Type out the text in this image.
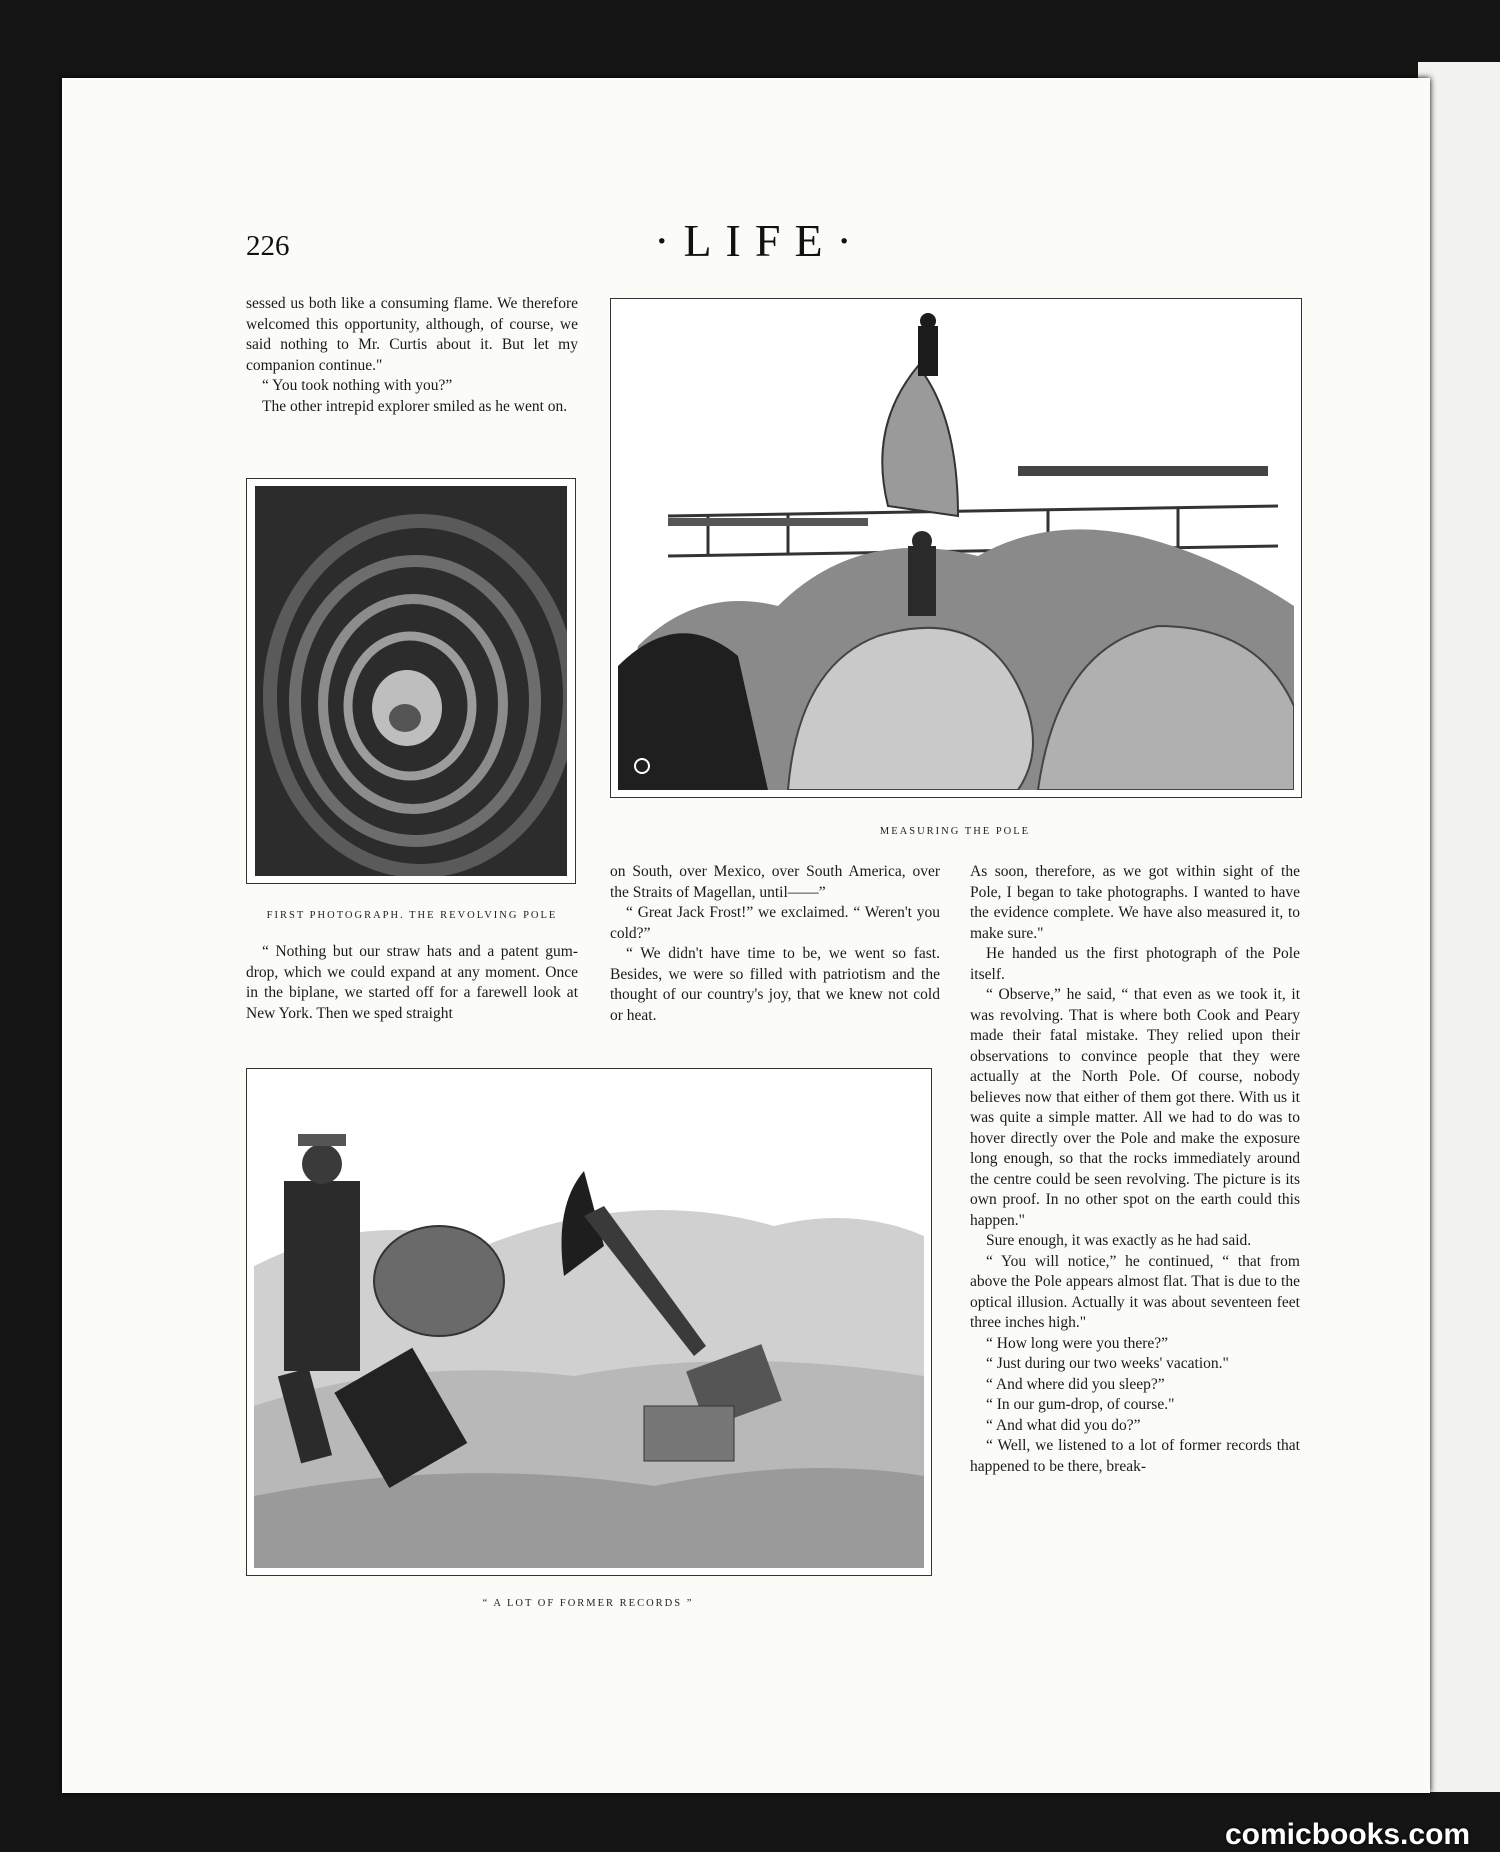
226	·LIFE·

sessed us both like a consuming flame. We therefore welcomed this opportunity, although, of course, we said nothing to Mr. Curtis about it. But let my companion continue."

“ You took nothing with you?”

The other intrepid explorer smiled as he went on.

FIRST PHOTOGRAPH. THE REVOLVING POLE

“ Nothing but our straw hats and a patent gum-drop, which we could expand at any moment. Once in the biplane, we started off for a farewell look at New York. Then we sped straight

MEASURING THE POLE

on South, over Mexico, over South America, over the Straits of Magellan, until——”

“ Great Jack Frost!” we exclaimed. “ Weren't you cold?”

“ We didn't have time to be, we went so fast. Besides, we were so filled with patriotism and the thought of our country's joy, that we knew not cold or heat.

As soon, therefore, as we got within sight of the Pole, I began to take photographs. I wanted to have the evidence complete. We have also measured it, to make sure."

He handed us the first photograph of the Pole itself.

“ Observe,” he said, “ that even as we took it, it was revolving. That is where both Cook and Peary made their fatal mistake. They relied upon their observations to convince people that they were actually at the North Pole. Of course, nobody believes now that either of them got there. With us it was quite a simple matter. All we had to do was to hover directly over the Pole and make the exposure long enough, so that the rocks immediately around the centre could be seen revolving. The picture is its own proof. In no other spot on the earth could this happen."

Sure enough, it was exactly as he had said.

“ You will notice,” he continued, “ that from above the Pole appears almost flat. That is due to the optical illusion. Actually it was about seventeen feet three inches high."

“ How long were you there?”

“ Just during our two weeks' vacation."

“ And where did you sleep?”

“ In our gum-drop, of course."

“ And what did you do?”

“ Well, we listened to a lot of former records that happened to be there, break-

“ A LOT OF FORMER RECORDS ”
comicbooks.com
